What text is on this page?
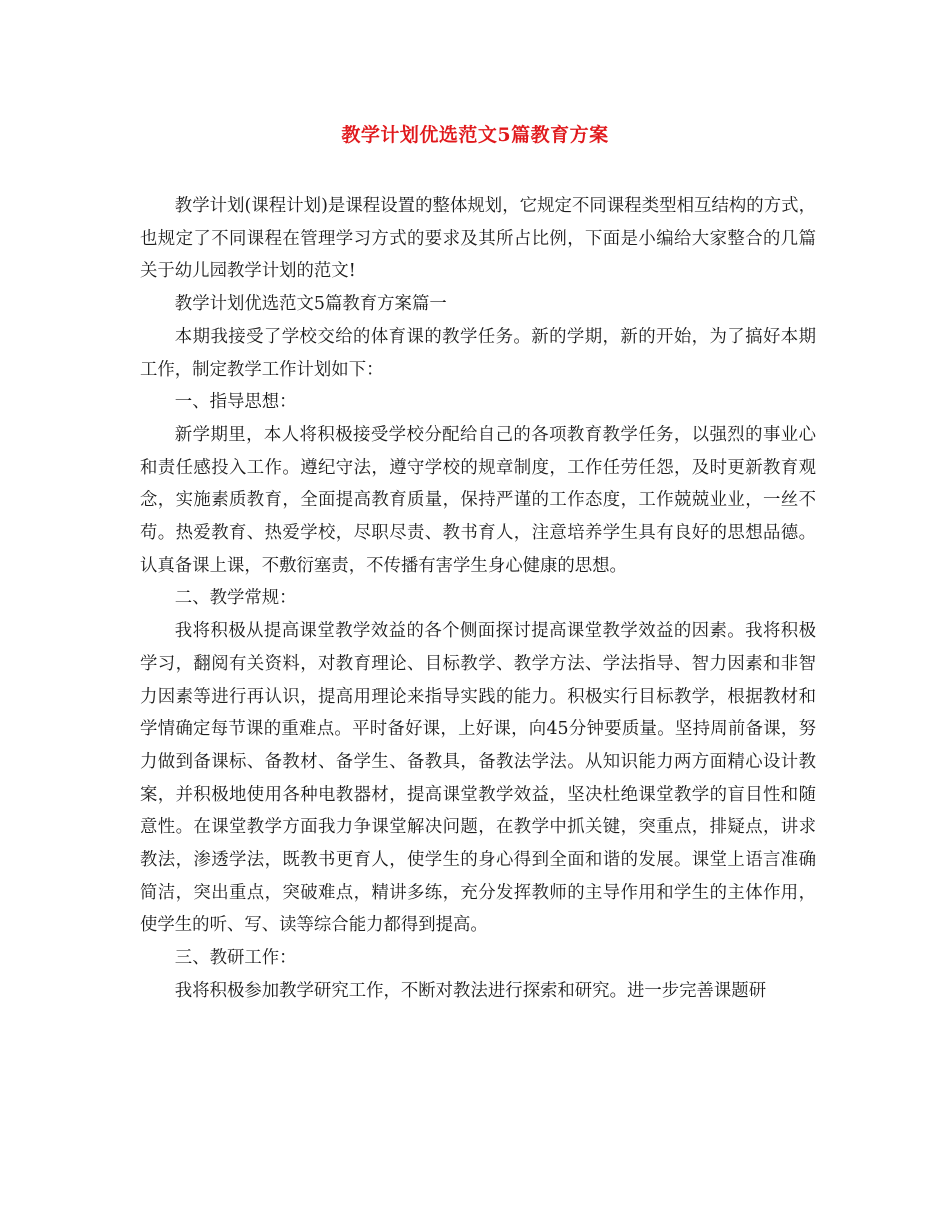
教学计划优选范文5篇教育方案

教学计划(课程计划)是课程设置的整体规划，它规定不同课程类型相互结构的方式，也规定了不同课程在管理学习方式的要求及其所占比例，下面是小编给大家整合的几篇关于幼儿园教学计划的范文!

教学计划优选范文5篇教育方案篇一

本期我接受了学校交给的体育课的教学任务。新的学期，新的开始，为了搞好本期工作，制定教学工作计划如下：

一、指导思想：

新学期里，本人将积极接受学校分配给自己的各项教育教学任务，以强烈的事业心和责任感投入工作。遵纪守法，遵守学校的规章制度，工作任劳任怨，及时更新教育观念，实施素质教育，全面提高教育质量，保持严谨的工作态度，工作兢兢业业，一丝不苟。热爱教育、热爱学校，尽职尽责、教书育人，注意培养学生具有良好的思想品德。认真备课上课，不敷衍塞责，不传播有害学生身心健康的思想。

二、教学常规：

我将积极从提高课堂教学效益的各个侧面探讨提高课堂教学效益的因素。我将积极学习，翻阅有关资料，对教育理论、目标教学、教学方法、学法指导、智力因素和非智力因素等进行再认识，提高用理论来指导实践的能力。积极实行目标教学，根据教材和学情确定每节课的重难点。平时备好课，上好课，向45分钟要质量。坚持周前备课，努力做到备课标、备教材、备学生、备教具，备教法学法。从知识能力两方面精心设计教案，并积极地使用各种电教器材，提高课堂教学效益，坚决杜绝课堂教学的盲目性和随意性。在课堂教学方面我力争课堂解决问题，在教学中抓关键，突重点，排疑点，讲求教法，渗透学法，既教书更育人，使学生的身心得到全面和谐的发展。课堂上语言准确简洁，突出重点，突破难点，精讲多练，充分发挥教师的主导作用和学生的主体作用，使学生的听、写、读等综合能力都得到提高。

三、教研工作：

我将积极参加教学研究工作，不断对教法进行探索和研究。进一步完善课题研
